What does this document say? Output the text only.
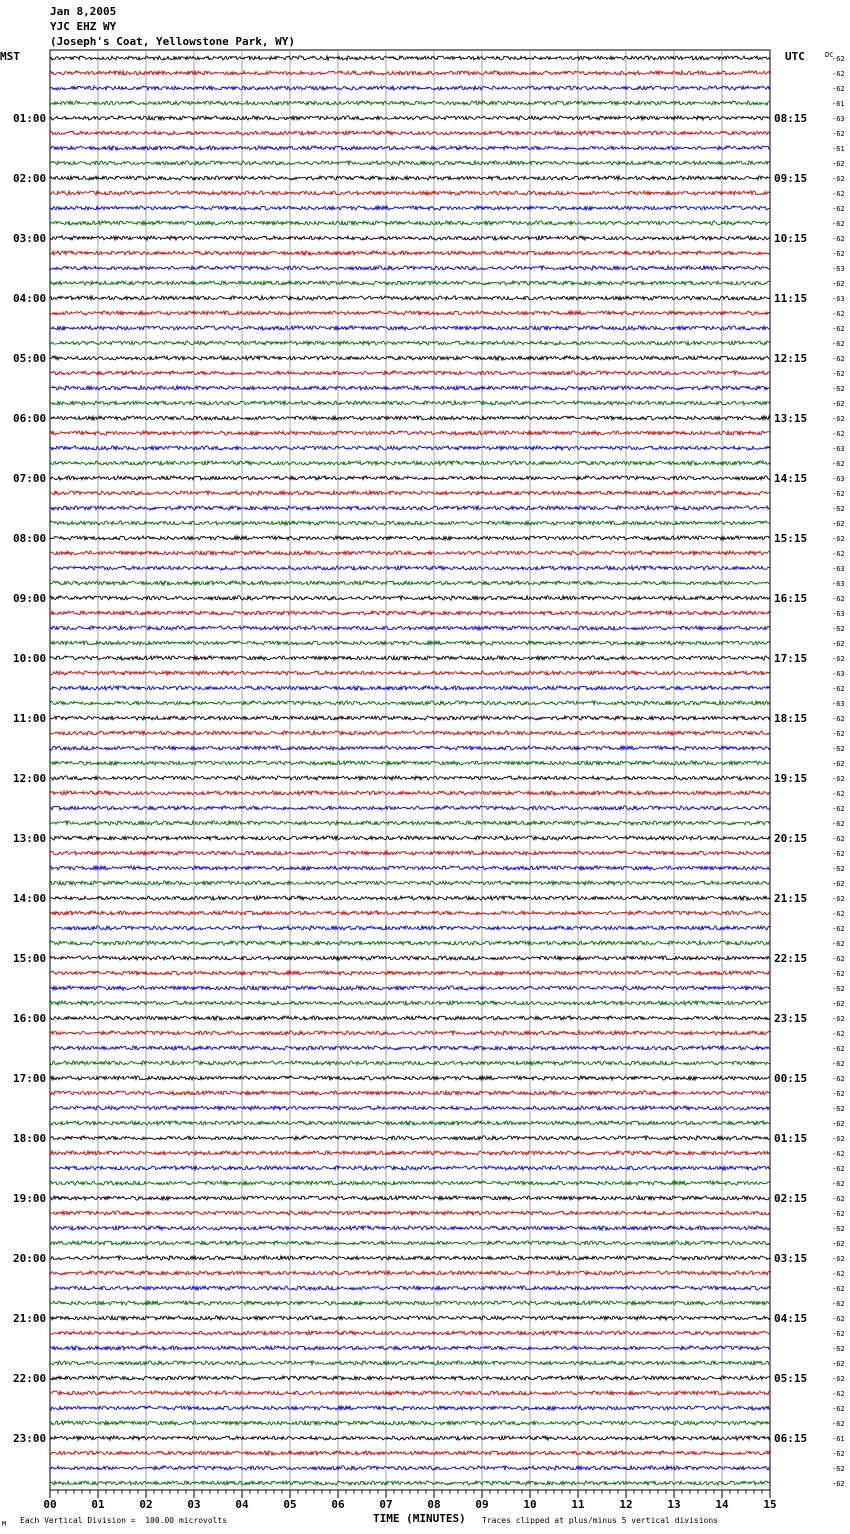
Jan 8,2005
YJC EHZ WY
(Joseph's Coat, Yellowstone Park, WY)
MST	UTC
01:00
02:00
03:00
04:00
05:00
06:00
07:00
08:00
09:00
10:00
11:00
12:00
13:00
14:00
15:00
16:00
17:00
18:00
19:00
20:00
21:00
22:00
23:00
08:15
09:15
10:15
11:15
12:15
13:15
14:15
15:15
16:15
17:15
18:15
19:15
20:15
21:15
22:15
23:15
00:15
01:15
02:15
03:15
04:15
05:15
06:15
-62
-62
-62
-61
-63
-62
-61
-62
-62
-62
-62
-62
-62
-62
-63
-62
-63
-62
-62
-62
-62
-62
-62
-62
-62
-62
-63
-62
-63
-62
-62
-62
-62
-62
-63
-63
-62
-63
-62
-62
-62
-63
-62
-63
-62
-62
-62
-62
-62
-62
-62
-62
-62
-62
-62
-62
-62
-62
-62
-62
-62
-62
-62
-62
-62
-62
-62
-62
-62
-62
-62
-62
-62
-62
-62
-62
-62
-62
-62
-62
-62
-62
-62
-62
-62
-62
-62
-62
-62
-62
-62
-62
-61
-62
-62
-62
00	01	02	03	04	05	06	07	08	09	10	11	12	13	14	15
DC
M Each Vertical Division =  100.00 microvolts	TIME (MINUTES) Traces clipped at plus/minus 5 vertical divisions
